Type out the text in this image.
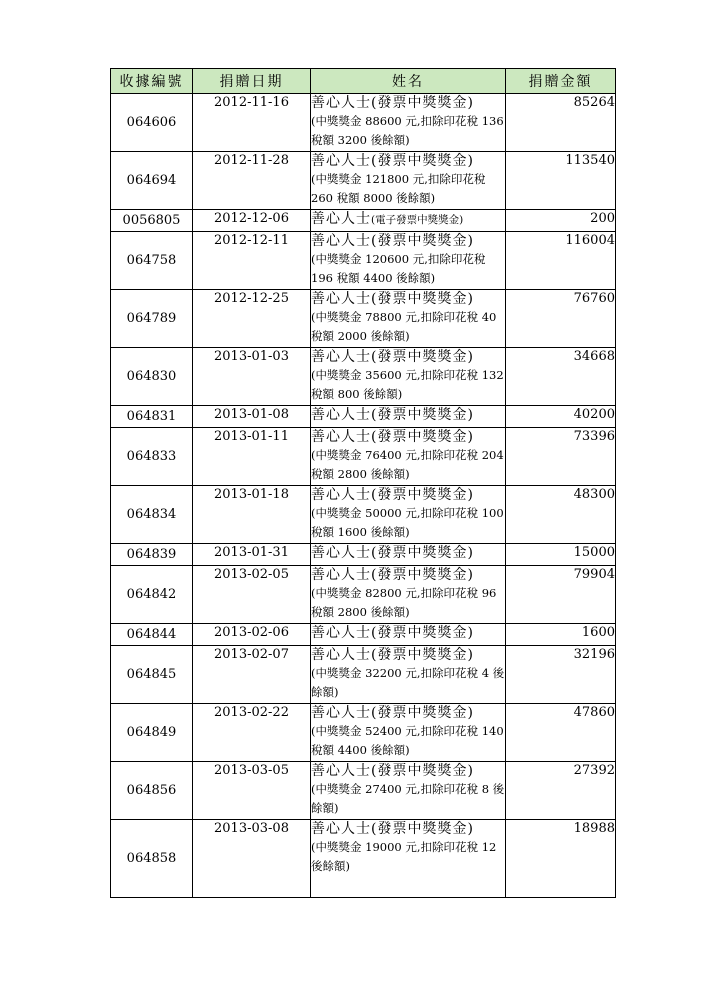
收據編號	捐贈日期	姓名	捐贈金額
064606	2012-11-16	善心人士(發票中獎獎金)
(中獎獎金 88600 元,扣除印花稅 136 稅額 3200 後餘額)	85264
064694	2012-11-28	善心人士(發票中獎獎金)
(中獎獎金 121800 元,扣除印花稅 260 稅額 8000 後餘額)	113540
0056805	2012-12-06	善心人士(電子發票中獎獎金)	200
064758	2012-12-11	善心人士(發票中獎獎金)
(中獎獎金 120600 元,扣除印花稅 196 稅額 4400 後餘額)	116004
064789	2012-12-25	善心人士(發票中獎獎金)
(中獎獎金 78800 元,扣除印花稅 40 稅額 2000 後餘額)	76760
064830	2013-01-03	善心人士(發票中獎獎金)
(中獎獎金 35600 元,扣除印花稅 132 稅額 800 後餘額)	34668
064831	2013-01-08	善心人士(發票中獎獎金)	40200
064833	2013-01-11	善心人士(發票中獎獎金)
(中獎獎金 76400 元,扣除印花稅 204 稅額 2800 後餘額)	73396
064834	2013-01-18	善心人士(發票中獎獎金)
(中獎獎金 50000 元,扣除印花稅 100 稅額 1600 後餘額)	48300
064839	2013-01-31	善心人士(發票中獎獎金)	15000
064842	2013-02-05	善心人士(發票中獎獎金)
(中獎獎金 82800 元,扣除印花稅 96 稅額 2800 後餘額)	79904
064844	2013-02-06	善心人士(發票中獎獎金)	1600
064845	2013-02-07	善心人士(發票中獎獎金)
(中獎獎金 32200 元,扣除印花稅 4 後餘額)	32196
064849	2013-02-22	善心人士(發票中獎獎金)
(中獎獎金 52400 元,扣除印花稅 140 稅額 4400 後餘額)	47860
064856	2013-03-05	善心人士(發票中獎獎金)
(中獎獎金 27400 元,扣除印花稅 8 後餘額)	27392
064858	2013-03-08	善心人士(發票中獎獎金)
(中獎獎金 19000 元,扣除印花稅 12 後餘額)	18988
